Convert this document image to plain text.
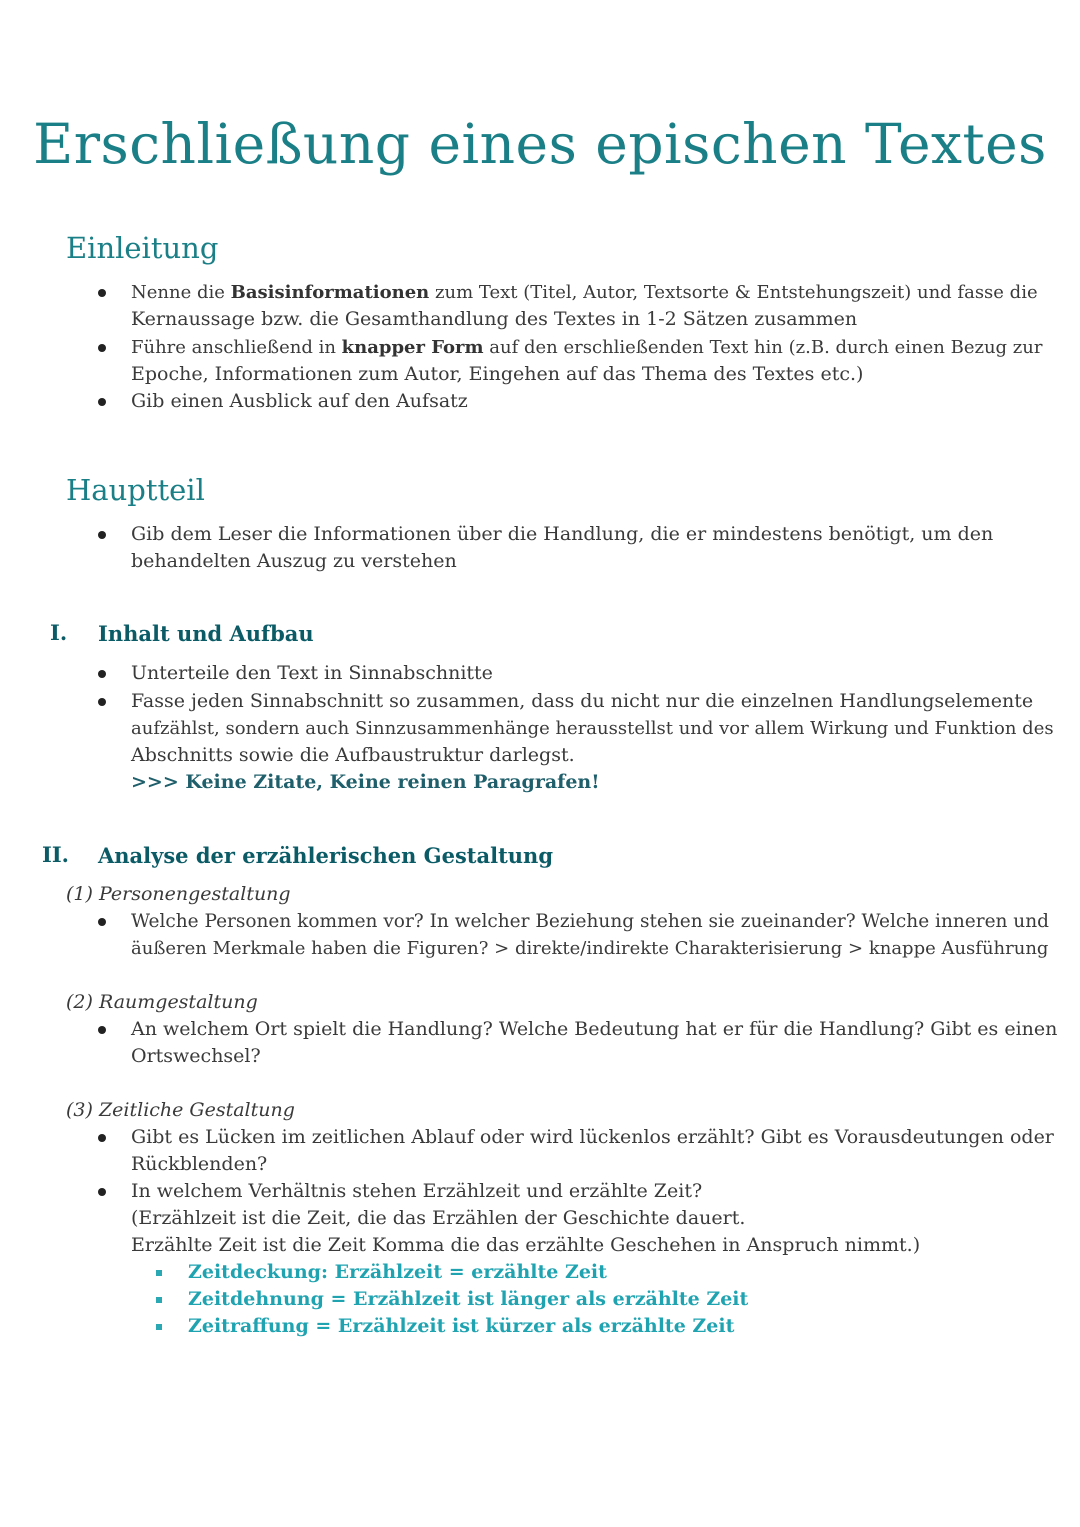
Erschließung eines epischen Textes
Einleitung
Nenne die Basisinformationen zum Text (Titel, Autor, Textsorte & Entstehungszeit) und fasse die
Kernaussage bzw. die Gesamthandlung des Textes in 1-2 Sätzen zusammen
Führe anschließend in knapper Form auf den erschließenden Text hin (z.B. durch einen Bezug zur
Epoche, Informationen zum Autor, Eingehen auf das Thema des Textes etc.)
Gib einen Ausblick auf den Aufsatz
Hauptteil
Gib dem Leser die Informationen über die Handlung, die er mindestens benötigt, um den
behandelten Auszug zu verstehen
I. Inhalt und Aufbau
Unterteile den Text in Sinnabschnitte
Fasse jeden Sinnabschnitt so zusammen, dass du nicht nur die einzelnen Handlungselemente
aufzählst, sondern auch Sinnzusammenhänge herausstellst und vor allem Wirkung und Funktion des
Abschnitts sowie die Aufbaustruktur darlegst.
>>> Keine Zitate, Keine reinen Paragrafen!
II. Analyse der erzählerischen Gestaltung
(1) Personengestaltung
Welche Personen kommen vor? In welcher Beziehung stehen sie zueinander? Welche inneren und
äußeren Merkmale haben die Figuren? > direkte/indirekte Charakterisierung > knappe Ausführung
(2) Raumgestaltung
An welchem Ort spielt die Handlung? Welche Bedeutung hat er für die Handlung? Gibt es einen
Ortswechsel?
(3) Zeitliche Gestaltung
Gibt es Lücken im zeitlichen Ablauf oder wird lückenlos erzählt? Gibt es Vorausdeutungen oder
Rückblenden?
In welchem Verhältnis stehen Erzählzeit und erzählte Zeit?
(Erzählzeit ist die Zeit, die das Erzählen der Geschichte dauert.
Erzählte Zeit ist die Zeit Komma die das erzählte Geschehen in Anspruch nimmt.)
Zeitdeckung: Erzählzeit = erzählte Zeit
Zeitdehnung = Erzählzeit ist länger als erzählte Zeit
Zeitraffung = Erzählzeit ist kürzer als erzählte Zeit
